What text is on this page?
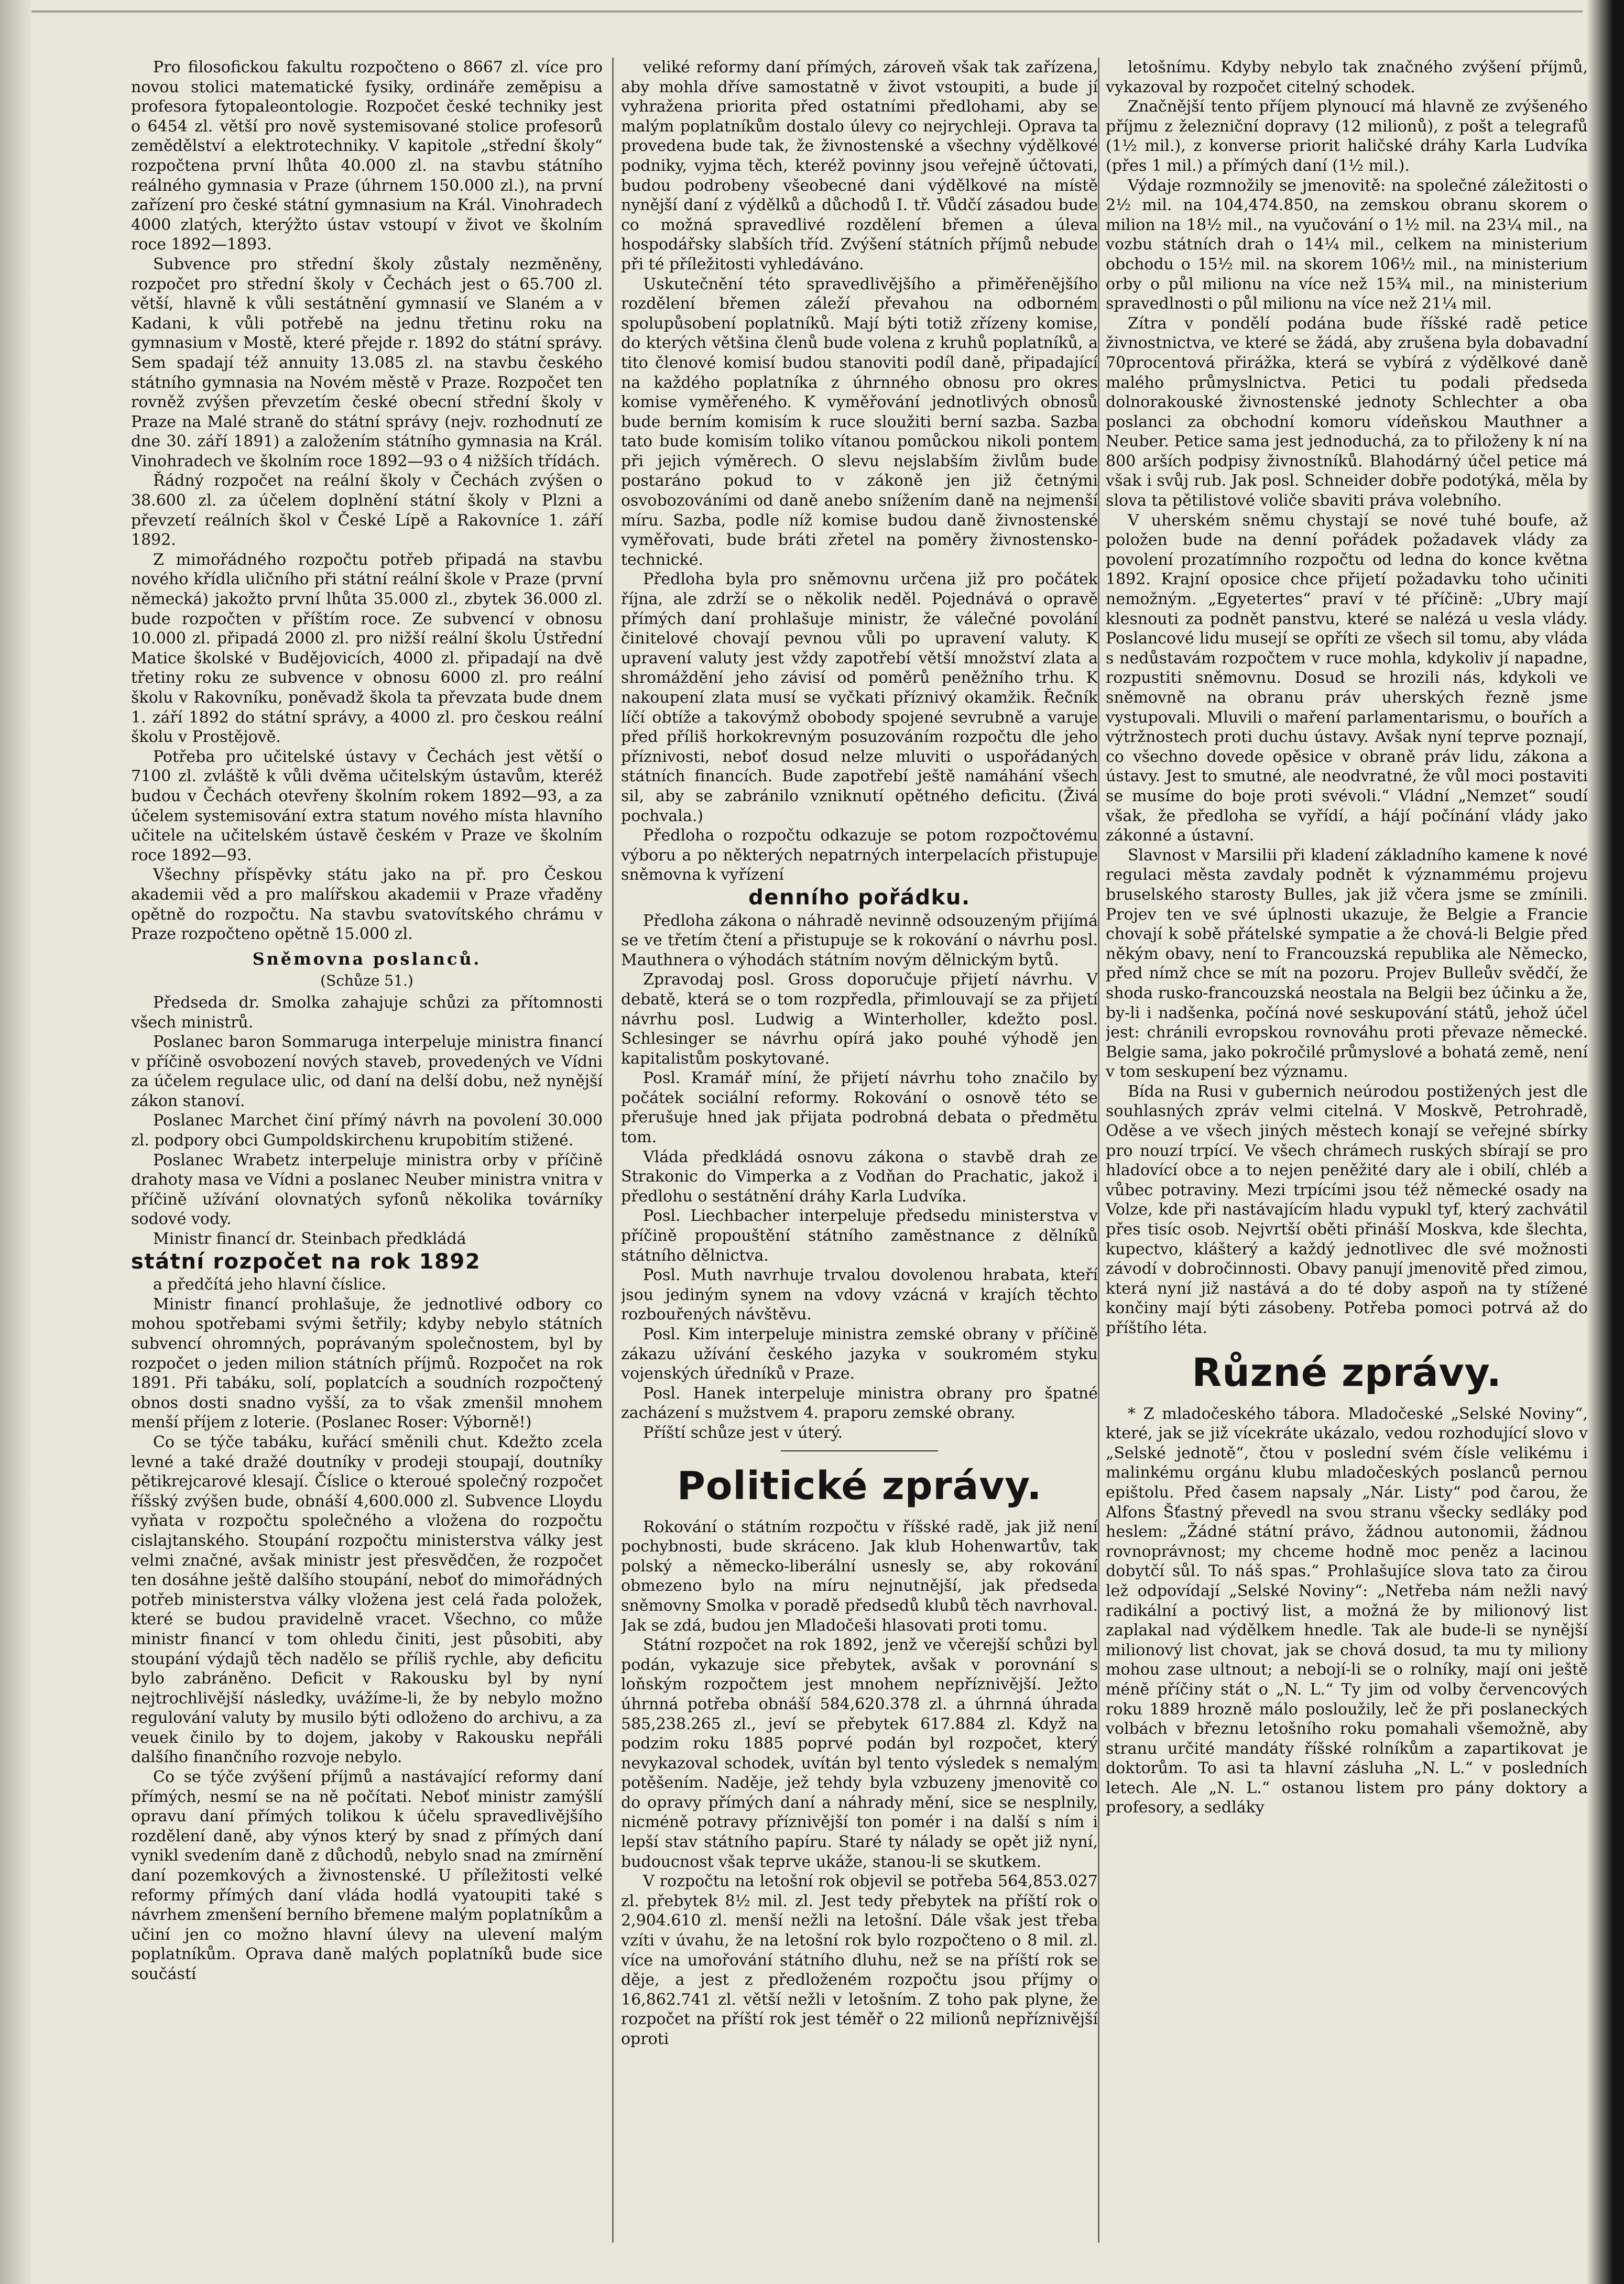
Pro filosofickou fakultu rozpočteno o 8667 zl. více pro novou stolici matematické fysiky, ordináře zeměpisu a profesora fytopaleontologie. Rozpočet české techniky jest o 6454 zl. větší pro nově systemisované stolice profesorů zemědělství a elektrotechniky. V kapitole „střední školy“ rozpočtena první lhůta 40.000 zl. na stavbu státního reálného gymnasia v Praze (úhrnem 150.000 zl.), na první zařízení pro české státní gymnasium na Král. Vinohradech 4000 zlatých, kterýžto ústav vstoupí v život ve školním roce 1892—1893.

Subvence pro střední školy zůstaly nezměněny, rozpočet pro střední školy v Čechách jest o 65.700 zl. větší, hlavně k vůli sestátnění gymnasií ve Slaném a v Kadani, k vůli potřebě na jednu třetinu roku na gymnasium v Mostě, které přejde r. 1892 do státní správy. Sem spadají též annuity 13.085 zl. na stavbu českého státního gymnasia na Novém městě v Praze. Rozpočet ten rovněž zvýšen převzetím české obecní střední školy v Praze na Malé straně do státní správy (nejv. rozhodnutí ze dne 30. září 1891) a založením státního gymnasia na Král. Vinohradech ve školním roce 1892—93 o 4 nižších třídách.

Řádný rozpočet na reální školy v Čechách zvýšen o 38.600 zl. za účelem doplnění státní školy v Plzni a převzetí reálních škol v České Lípě a Rakovníce 1. září 1892.

Z mimořádného rozpočtu potřeb připadá na stavbu nového křídla uličního při státní reální škole v Praze (první německá) jakožto první lhůta 35.000 zl., zbytek 36.000 zl. bude rozpočten v příštím roce. Ze subvencí v obnosu 10.000 zl. připadá 2000 zl. pro nižší reální školu Ústřední Matice školské v Budějovicích, 4000 zl. připadají na dvě třetiny roku ze subvence v obnosu 6000 zl. pro reální školu v Rakovníku, poněvadž škola ta převzata bude dnem 1. září 1892 do státní správy, a 4000 zl. pro českou reální školu v Prostějově.

Potřeba pro učitelské ústavy v Čechách jest větší o 7100 zl. zvláště k vůli dvěma učitelským ústavům, kteréž budou v Čechách otevřeny školním rokem 1892—93, a za účelem systemisování extra statum nového místa hlavního učitele na učitelském ústavě českém v Praze ve školním roce 1892—93.

Všechny příspěvky státu jako na př. pro Českou akademii věd a pro malířskou akademii v Praze vřaděny opětně do rozpočtu. Na stavbu svatovítského chrámu v Praze rozpočteno opětně 15.000 zl.

Sněmovna poslanců.

(Schůze 51.)

Předseda dr. Smolka zahajuje schůzi za přítomnosti všech ministrů.

Poslanec baron Sommaruga interpeluje ministra financí v příčině osvobození nových staveb, provedených ve Vídni za účelem regulace ulic, od daní na delší dobu, než nynější zákon stanoví.

Poslanec Marchet činí přímý návrh na povolení 30.000 zl. podpory obci Gumpoldskirchenu krupobitím stižené.

Poslanec Wrabetz interpeluje ministra orby v příčině drahoty masa ve Vídni a poslanec Neuber ministra vnitra v příčině užívání olovnatých syfonů několika továrníky sodové vody.

Ministr financí dr. Steinbach předkládá

státní rozpočet na rok 1892

a předčítá jeho hlavní číslice.

Ministr financí prohlašuje, že jednotlivé odbory co mohou spotřebami svými šetřily; kdyby nebylo státních subvencí ohromných, poprávaným společnostem, byl by rozpočet o jeden milion státních příjmů. Rozpočet na rok 1891. Při tabáku, solí, poplatcích a soudních rozpočtený obnos dosti snadno vyšší, za to však zmenšil mnohem menší příjem z loterie. (Poslanec Roser: Výborně!)

Co se týče tabáku, kuřácí směnili chut. Kdežto zcela levné a také dražé doutníky v prodeji stoupají, doutníky pětikrejcarové klesají. Číslice o kteroué společný rozpočet říšský zvýšen bude, obnáší 4,600.000 zl. Subvence Lloydu vyňata v rozpočtu společného a vložena do rozpočtu cislajtanského. Stoupání rozpočtu ministerstva války jest velmi značné, avšak ministr jest přesvědčen, že rozpočet ten dosáhne ještě dalšího stoupání, neboť do mimořádných potřeb ministerstva války vložena jest celá řada položek, které se budou pravidelně vracet. Všechno, co může ministr financí v tom ohledu činiti, jest působiti, aby stoupání výdajů těch nadělo se příliš rychle, aby deficitu bylo zabráněno. Deficit v Rakousku byl by nyní nejtrochlivější následky, uvážíme-li, že by nebylo možno regulování valuty by musilo býti odloženo do archivu, a za veuek činilo by to dojem, jakoby v Rakousku nepřáli dalšího finančního rozvoje nebylo.

Co se týče zvýšení příjmů a nastávající reformy daní přímých, nesmí se na ně počítati. Neboť ministr zamýšlí opravu daní přímých tolikou k účelu spravedlivějšího rozdělení daně, aby výnos který by snad z přímých daní vynikl svedením daně z důchodů, nebylo snad na zmírnění daní pozemkových a živnostenské. U příležitosti velké reformy přímých daní vláda hodlá vyatoupiti také s návrhem zmenšení berního břemene malým poplatníkům a učiní jen co možno hlavní úlevy na ulevení malým poplatníkům. Oprava daně malých poplatníků bude sice součástí

veliké reformy daní přímých, zároveň však tak zařízena, aby mohla dříve samostatně v život vstoupiti, a bude jí vyhražena priorita před ostatními předlohami, aby se malým poplatníkům dostalo úlevy co nejrychleji. Oprava ta provedena bude tak, že živnostenské a všechny výdělkové podniky, vyjma těch, kteréž povinny jsou veřejně účtovati, budou podrobeny všeobecné dani výdělkové na místě nynější daní z výdělků a důchodů I. tř. Vůdčí zásadou bude co možná spravedlivé rozdělení břemen a úleva hospodářsky slabších tříd. Zvýšení státních příjmů nebude při té příležitosti vyhledáváno.

Uskutečnění této spravedlivějšího a přiměřenějšího rozdělení břemen záleží převahou na odborném spolupůsobení poplatníků. Mají býti totiž zřízeny komise, do kterých většina členů bude volena z kruhů poplatníků, a tito členové komisí budou stanoviti podíl daně, připadající na každého poplatníka z úhrnného obnosu pro okres komise vyměřeného. K vyměřování jednotlivých obnosů bude berním komisím k ruce sloužiti berní sazba. Sazba tato bude komisím toliko vítanou pomůckou nikoli pontem při jejich výměrech. O slevu nejslabším živlům bude postaráno pokud to v zákoně jen již četnými osvobozováními od daně anebo snížením daně na nejmenší míru. Sazba, podle níž komise budou daně živnostenské vyměřovati, bude bráti zřetel na poměry živnostensko-technické.

Předloha byla pro sněmovnu určena již pro počátek října, ale zdrží se o několik neděl. Pojednává o opravě přímých daní prohlašuje ministr, že válečné povolání činitelové chovají pevnou vůli po upravení valuty. K upravení valuty jest vždy zapotřebí větší množství zlata a shromáždění jeho závisí od poměrů peněžního trhu. K nakoupení zlata musí se vyčkati příznivý okamžik. Řečník líčí obtíže a takovýmž obobody spojené sevrubně a varuje před příliš horkokrevným posuzováním rozpočtu dle jeho příznivosti, neboť dosud nelze mluviti o uspořádaných státních financích. Bude zapotřebí ještě namáhání všech sil, aby se zabránilo vzniknutí opětného deficitu. (Živá pochvala.)

Předloha o rozpočtu odkazuje se potom rozpočtovému výboru a po některých nepatrných interpelacích přistupuje sněmovna k vyřízení

denního pořádku.

Předloha zákona o náhradě nevinně odsouzeným přijímá se ve třetím čtení a přistupuje se k rokování o návrhu posl. Mauthnera o výhodách státním novým dělnickým bytů.

Zpravodaj posl. Gross doporučuje přijetí návrhu. V debatě, která se o tom rozpředla, přimlouvají se za přijetí návrhu posl. Ludwig a Winterholler, kdežto posl. Schlesinger se návrhu opírá jako pouhé výhodě jen kapitalistům poskytované.

Posl. Kramář míní, že přijetí návrhu toho značilo by počátek sociální reformy. Rokování o osnově této se přerušuje hned jak přijata podrobná debata o předmětu tom.

Vláda předkládá osnovu zákona o stavbě drah ze Strakonic do Vimperka a z Vodňan do Prachatic, jakož i předlohu o sestátnění dráhy Karla Ludvíka.

Posl. Liechbacher interpeluje předsedu ministerstva v příčině propouštění státního zaměstnance z dělníků státního dělnictva.

Posl. Muth navrhuje trvalou dovolenou hrabata, kteří jsou jediným synem na vdovy vzácná v krajích těchto rozbouřených návštěvu.

Posl. Kim interpeluje ministra zemské obrany v příčině zákazu užívání českého jazyka v soukromém styku vojenských úředníků v Praze.

Posl. Hanek interpeluje ministra obrany pro špatné zacházení s mužstvem 4. praporu zemské obrany.

Příští schůze jest v úterý.

Politické zprávy.

Rokování o státním rozpočtu v říšské radě, jak již není pochybnosti, bude skráceno. Jak klub Hohenwartův, tak polský a německo-liberální usnesly se, aby rokování obmezeno bylo na míru nejnutnější, jak předseda sněmovny Smolka v poradě předsedů klubů těch navrhoval. Jak se zdá, budou jen Mladočeši hlasovati proti tomu.

Státní rozpočet na rok 1892, jenž ve včerejší schůzi byl podán, vykazuje sice přebytek, avšak v porovnání s loňským rozpočtem jest mnohem nepříznivější. Ježto úhrnná potřeba obnáší 584,620.378 zl. a úhrnná úhrada 585,238.265 zl., jeví se přebytek 617.884 zl. Když na podzim roku 1885 poprvé podán byl rozpočet, který nevykazoval schodek, uvítán byl tento výsledek s nemalým potěšením. Naděje, jež tehdy byla vzbuzeny jmenovitě co do opravy přímých daní a náhrady mění, sice se nesplnily, nicméně potravy příznivější ton pomér i na další s ním i lepší stav státního papíru. Staré ty nálady se opět již nyní, budoucnost však teprve ukáže, stanou-li se skutkem.

V rozpočtu na letošní rok objevil se potřeba 564,853.027 zl. přebytek 8½ mil. zl. Jest tedy přebytek na příští rok o 2,904.610 zl. menší nežli na letošní. Dále však jest třeba vzíti v úvahu, že na letošní rok bylo rozpočteno o 8 mil. zl. více na umořování státního dluhu, než se na příští rok se děje, a jest z předloženém rozpočtu jsou příjmy o 16,862.741 zl. větší nežli v letošním. Z toho pak plyne, že rozpočet na příští rok jest téměř o 22 milionů nepříznivější oproti

letošnímu. Kdyby nebylo tak značného zvýšení příjmů, vykazoval by rozpočet citelný schodek.

Značnější tento příjem plynoucí má hlavně ze zvýšeného příjmu z železniční dopravy (12 milionů), z pošt a telegrafů (1½ mil.), z konverse priorit haličské dráhy Karla Ludvíka (přes 1 mil.) a přímých daní (1½ mil.).

Výdaje rozmnožily se jmenovitě: na společné záležitosti o 2½ mil. na 104,474.850, na zemskou obranu skorem o milion na 18½ mil., na vyučování o 1½ mil. na 23¼ mil., na vozbu státních drah o 14¼ mil., celkem na ministerium obchodu o 15½ mil. na skorem 106½ mil., na ministerium orby o půl milionu na více než 15¾ mil., na ministerium spravedlnosti o půl milionu na více než 21¼ mil.

Zítra v pondělí podána bude říšské radě petice živnostnictva, ve které se žádá, aby zrušena byla dobavadní 70procentová přirážka, která se vybírá z výdělkové daně malého průmyslnictva. Petici tu podali předseda dolnorakouské živnostenské jednoty Schlechter a oba poslanci za obchodní komoru vídeňskou Mauthner a Neuber. Petice sama jest jednoduchá, za to přiloženy k ní na 800 arších podpisy živnostníků. Blahodárný účel petice má však i svůj rub. Jak posl. Schneider dobře podotýká, měla by slova ta pětilistové voliče sbaviti práva volebního.

V uherském sněmu chystají se nové tuhé boufe, až položen bude na denní pořádek požadavek vlády za povolení prozatímního rozpočtu od ledna do konce května 1892. Krajní oposice chce přijetí požadavku toho učiniti nemožným. „Egyetertes“ praví v té příčině: „Ubry mají klesnouti za podnět panstvu, které se nalézá u vesla vlády. Poslancové lidu musejí se opříti ze všech sil tomu, aby vláda s nedůstavám rozpočtem v ruce mohla, kdykoliv jí napadne, rozpustiti sněmovnu. Dosud se hrozili nás, kdykoli ve sněmovně na obranu práv uherských řezně jsme vystupovali. Mluvili o maření parlamentarismu, o bouřích a výtržnostech proti duchu ústavy. Avšak nyní teprve poznají, co všechno dovede opěsice v obraně práv lidu, zákona a ústavy. Jest to smutné, ale neodvratné, že vůl moci postaviti se musíme do boje proti svévoli.“ Vládní „Nemzet“ soudí však, že předloha se vyřídí, a hájí počínání vlády jako zákonné a ústavní.

Slavnost v Marsilii při kladení základního kamene k nové regulaci města zavdaly podnět k význammému projevu bruselského starosty Bulles, jak již včera jsme se zmínili. Projev ten ve své úplnosti ukazuje, že Belgie a Francie chovají k sobě přátelské sympatie a že chová-li Belgie před někým obavy, není to Francouzská republika ale Německo, před nímž chce se mít na pozoru. Projev Bulleův svědčí, že shoda rusko-francouzská neostala na Belgii bez účinku a že, by-li i nadšenka, počíná nové seskupování států, jehož účel jest: chránili evropskou rovnováhu proti převaze německé. Belgie sama, jako pokročilé průmyslové a bohatá země, není v tom seskupení bez významu.

Bída na Rusi v gubernich neúrodou postižených jest dle souhlasných zpráv velmi citelná. V Moskvě, Petrohradě, Oděse a ve všech jiných městech konají se veřejné sbírky pro nouzí trpící. Ve všech chrámech ruských sbírají se pro hladovící obce a to nejen peněžité dary ale i obilí, chléb a vůbec potraviny. Mezi trpícími jsou též německé osady na Volze, kde při nastávajícím hladu vypukl tyf, který zachvátil přes tisíc osob. Nejvrtší oběti přináší Moskva, kde šlechta, kupectvo, klášterý a každý jednotlivec dle své možnosti závodí v dobročinnosti. Obavy panují jmenovitě před zimou, která nyní již nastává a do té doby aspoň na ty stížené končiny mají býti zásobeny. Potřeba pomoci potrvá až do příštího léta.

Různé zprávy.

* Z mladočeského tábora. Mladočeské „Selské Noviny“, které, jak se již vícekráte ukázalo, vedou rozhodující slovo v „Selské jednotě“, čtou v poslední svém čísle velikému i malinkému orgánu klubu mladočeských poslanců pernou epištolu. Před časem napsaly „Nár. Listy“ pod čarou, že Alfons Šťastný převedl na svou stranu všecky sedláky pod heslem: „Žádné státní právo, žádnou autonomii, žádnou rovnoprávnost; my chceme hodně moc peněz a lacinou dobytčí sůl. To náš spas.“ Prohlašujíce slova tato za čirou lež odpovídají „Selské Noviny“: „Netřeba nám nežli navý radikální a poctivý list, a možná že by milionový list zaplakal nad výdělkem hnedle. Tak ale bude-li se nynější milionový list chovat, jak se chová dosud, ta mu ty miliony mohou zase ultnout; a nebojí-li se o rolníky, mají oni ještě méně příčiny stát o „N. L.“ Ty jim od volby červencových roku 1889 hrozně málo posloužily, leč že při poslaneckých volbách v březnu letošního roku pomahali všemožně, aby stranu určité mandáty říšské rolníkům a zapartikovat je doktorům. To asi ta hlavní zásluha „N. L.“ v posledních letech. Ale „N. L.“ ostanou listem pro pány doktory a profesory, a sedláky
